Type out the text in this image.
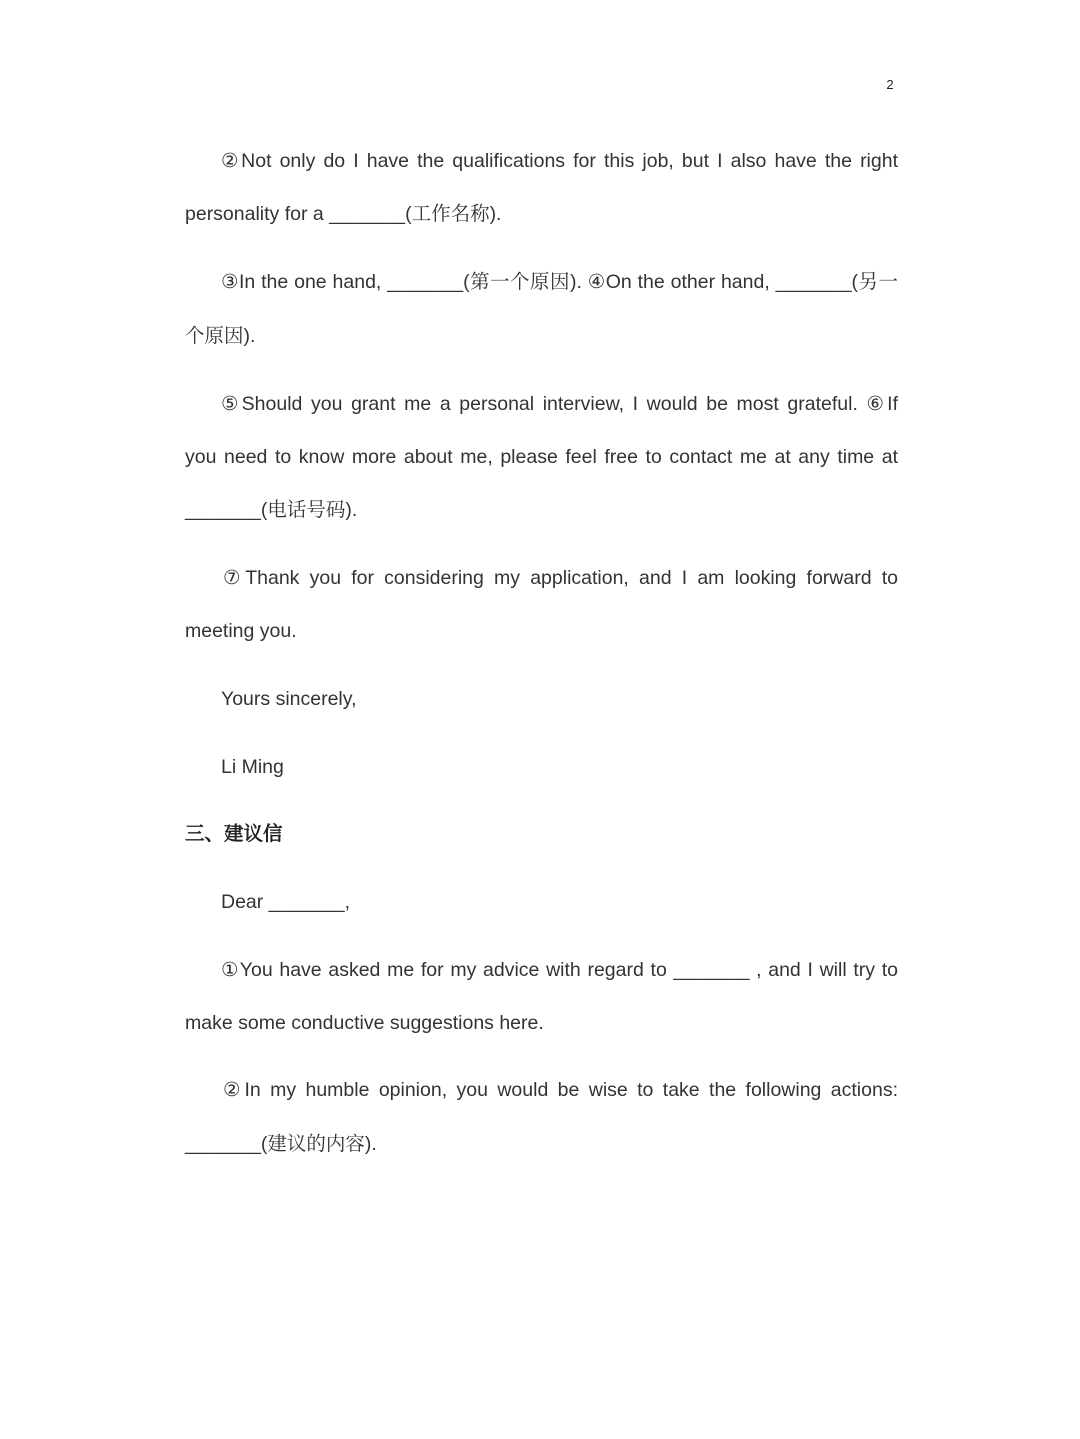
2
②Not only do I have the qualifications for this job, but I also have the right
personality for a _______(工作名称).
③In the one hand, _______(第一个原因). ④On the other hand, _______(另一
个原因).
⑤Should you grant me a personal interview, I would be most grateful. ⑥If
you need to know more about me, please feel free to contact me at any time at
_______(电话号码).
⑦Thank you for considering my application, and I am looking forward to
meeting you.
Yours sincerely,
Li Ming
三、建议信
Dear _______,
①You have asked me for my advice with regard to _______ , and I will try to
make some conductive suggestions here.
②In my humble opinion, you would be wise to take the following actions:
_______(建议的内容).
